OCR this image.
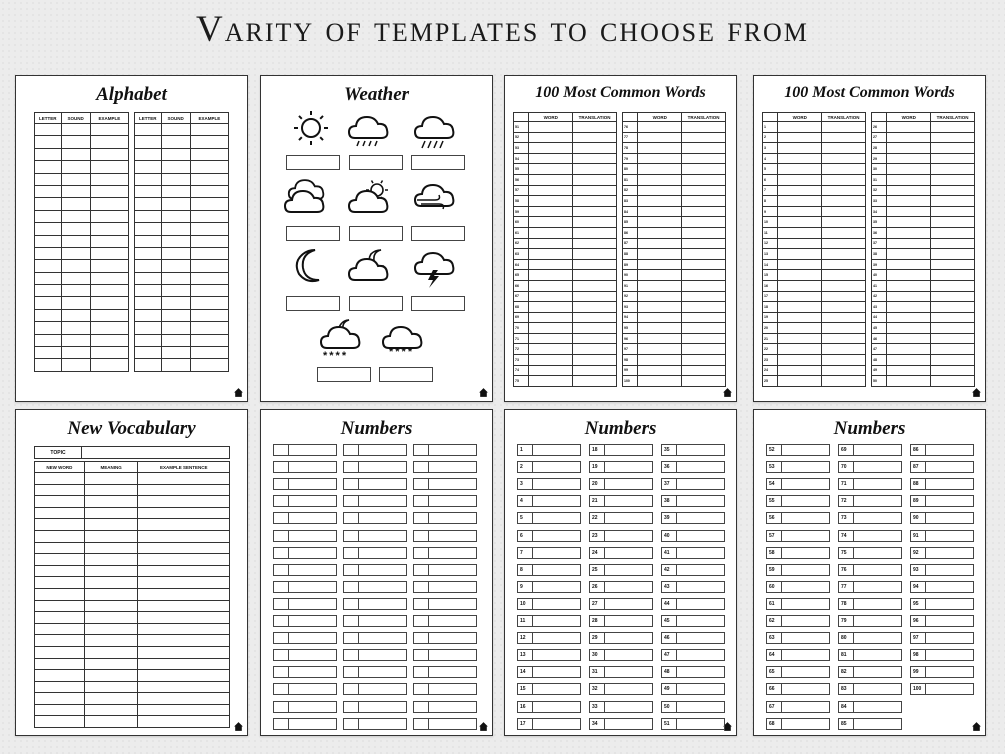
Varity of templates to choose from
Alphabet
LETTER	SOUND	EXAMPLE

			LETTER	SOUND	EXAMPLE

Weather
****	****
100 Most Common Words
	WORD	TRANSLATION
51		
52		
53		
54		
55		
56		
57		
58		
59		
60		
61		
62		
63		
64		
65		
66		
67		
68		
69		
70		
71		
72		
73		
74		
75		
	WORD	TRANSLATION
76		
77		
78		
79		
80		
81		
82		
83		
84		
85		
86		
87		
88		
89		
90		
91		
92		
93		
94		
95		
96		
97		
98		
99		
100		
100 Most Common Words
	WORD	TRANSLATION
1		
2		
3		
4		
5		
6		
7		
8		
9		
10		
11		
12		
13		
14		
15		
16		
17		
18		
19		
20		
21		
22		
23		
24		
25		
	WORD	TRANSLATION
26		
27		
28		
29		
30		
31		
32		
33		
34		
35		
36		
37		
38		
39		
40		
41		
42		
43		
44		
45		
46		
47		
48		
49		
50		
New Vocabulary
TOPIC	
NEW WORD	MEANING	EXAMPLE SENTENCE

Numbers	Numbers
1
2
3
4
5
6
7
8
9
10
11
12
13
14
15
16
17
18
19
20
21
22
23
24
25
26
27
28
29
30
31
32
33
34
35
36
37
38
39
40
41
42
43
44
45
46
47
48
49
50
51
Numbers
52
53
54
55
56
57
58
59
60
61
62
63
64
65
66
67
68
69
70
71
72
73
74
75
76
77
78
79
80
81
82
83
84
85
86
87
88
89
90
91
92
93
94
95
96
97
98
99
100
